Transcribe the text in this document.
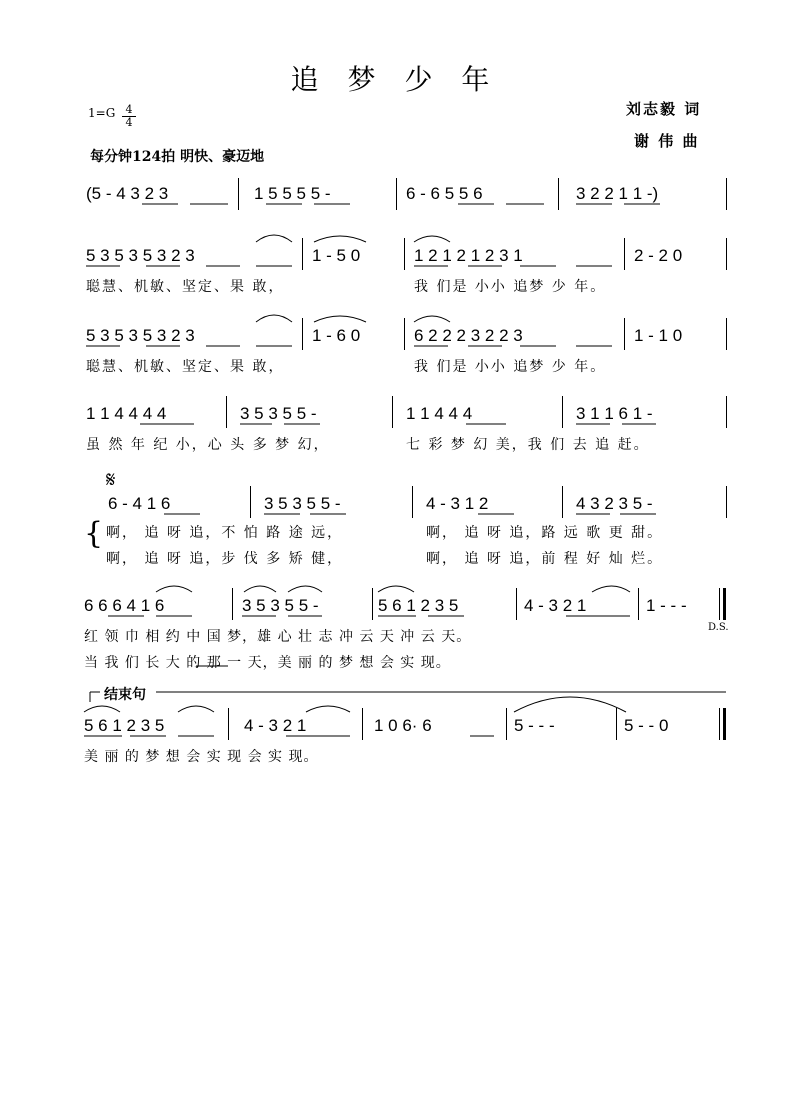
追 梦 少 年
1=G 4
4
每分钟124拍 明快、豪迈地
刘志毅 词
谢 伟 曲
(5 - 4 3 2 3	1 5 5 5 5 -	6 - 6 5 5 6	3 2 2 1 1 -)
5 3 5 3 5 3 2 3	1 - 5 0	1 2 1 2 1 2 3 1	2 - 2 0
聪慧、机敏、坚定、果 敢，	我 们是 小小 追梦 少 年。
5 3 5 3 5 3 2 3	1 - 6 0	6 2 2 2 3 2 2 3	1 - 1 0
聪慧、机敏、坚定、果 敢，	我 们是 小小 追梦 少 年。
1 1 4 4 4 4	3 5 3 5 5 -	1 1 4 4 4	3 1 1 6 1 -
虽 然 年 纪 小，心 头 多 梦 幻，	七 彩 梦 幻 美，我 们 去 追 赶。
𝄋
6 - 4 1 6	3 5 3 5 5 -	4 - 3 1 2	4 3 2 3 5 -
{ 啊， 追 呀 追，不 怕 路 途 远，	啊， 追 呀 追，路 远 歌 更 甜。
啊， 追 呀 追，步 伐 多 矫 健，	啊， 追 呀 追，前 程 好 灿 烂。
6 6 6 4 1 6	3 5 3 5 5 -	5 6 1 2 3 5	4 - 3 2 1	1 - - -
红 领 巾 相 约 中 国 梦，雄 心 壮 志 冲 云 天 冲 云 天。
当 我 们 长 大 的 那 一 天，美 丽 的 梦 想 会 实 现。
D.S.
结束句
5 6 1 2 3 5	4 - 3 2 1	1 0 6· 6	5 - - -	5 - - 0
美 丽 的 梦 想 会 实 现 会 实 现。
